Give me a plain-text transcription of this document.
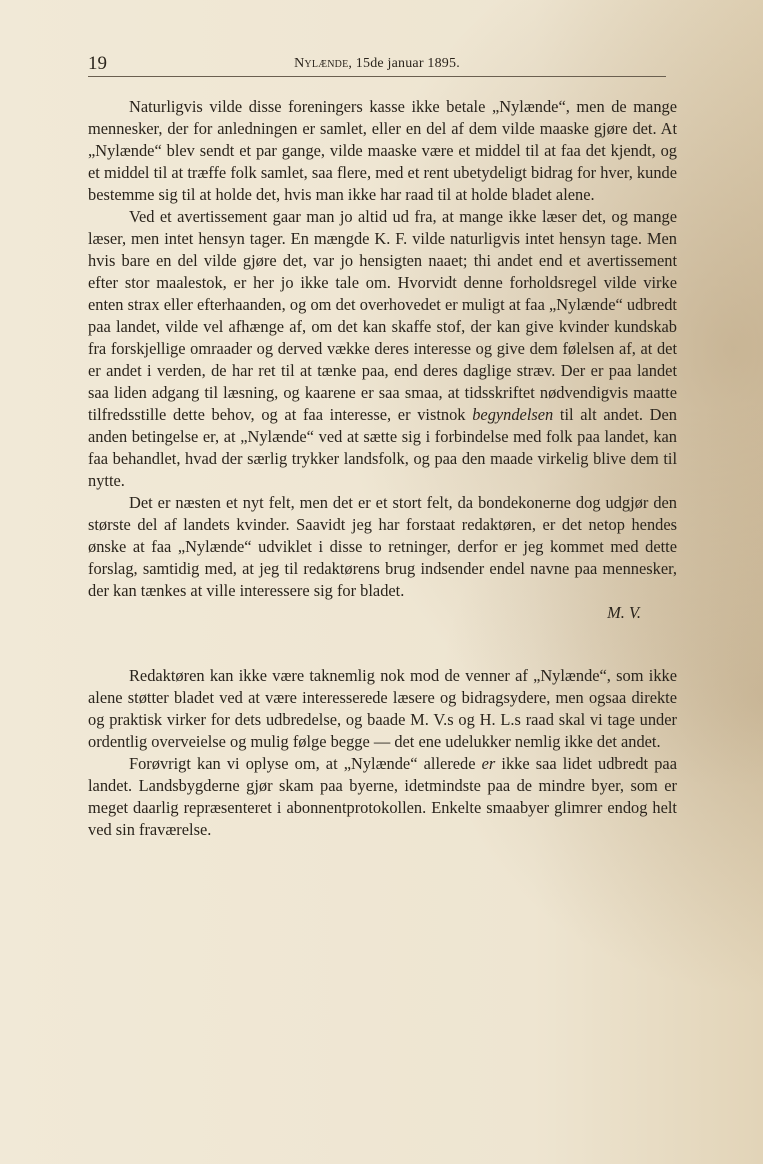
19	Nylænde, 15de januar 1895.

Naturligvis vilde disse foreningers kasse ikke betale „Nylænde“, men de mange mennesker, der for anledningen er samlet, eller en del af dem vilde maaske gjøre det. At „Nylænde“ blev sendt et par gange, vilde maaske være et middel til at faa det kjendt, og et middel til at træffe folk samlet, saa flere, med et rent ubetydeligt bidrag for hver, kunde bestemme sig til at holde det, hvis man ikke har raad til at holde bladet alene.

Ved et avertissement gaar man jo altid ud fra, at mange ikke læser det, og mange læser, men intet hensyn tager. En mængde K. F. vilde naturligvis intet hensyn tage. Men hvis bare en del vilde gjøre det, var jo hensigten naaet; thi andet end et avertissement efter stor maalestok, er her jo ikke tale om. Hvorvidt denne forholdsregel vilde virke enten strax eller efterhaanden, og om det overhovedet er muligt at faa „Nylænde“ udbredt paa landet, vilde vel afhænge af, om det kan skaffe stof, der kan give kvinder kundskab fra forskjellige omraader og derved vække deres interesse og give dem følelsen af, at det er andet i verden, de har ret til at tænke paa, end deres daglige stræv. Der er paa landet saa liden adgang til læsning, og kaarene er saa smaa, at tidsskriftet nødvendigvis maatte tilfredsstille dette behov, og at faa interesse, er vistnok begyndelsen til alt andet. Den anden betingelse er, at „Nylænde“ ved at sætte sig i forbindelse med folk paa landet, kan faa behandlet, hvad der særlig trykker landsfolk, og paa den maade virkelig blive dem til nytte.

Det er næsten et nyt felt, men det er et stort felt, da bondekonerne dog udgjør den største del af landets kvinder. Saavidt jeg har forstaat redaktøren, er det netop hendes ønske at faa „Nylænde“ udviklet i disse to retninger, derfor er jeg kommet med dette forslag, samtidig med, at jeg til redaktørens brug indsender endel navne paa mennesker, der kan tænkes at ville interessere sig for bladet.

M. V.

Redaktøren kan ikke være taknemlig nok mod de venner af „Nylænde“, som ikke alene støtter bladet ved at være interesserede læsere og bidragsydere, men ogsaa direkte og praktisk virker for dets udbredelse, og baade M. V.s og H. L.s raad skal vi tage under ordentlig overveielse og mulig følge begge — det ene udelukker nemlig ikke det andet.

Forøvrigt kan vi oplyse om, at „Nylænde“ allerede er ikke saa lidet udbredt paa landet. Landsbygderne gjør skam paa byerne, idetmindste paa de mindre byer, som er meget daarlig repræsenteret i abonnentprotokollen. Enkelte smaabyer glimrer endog helt ved sin fraværelse.
